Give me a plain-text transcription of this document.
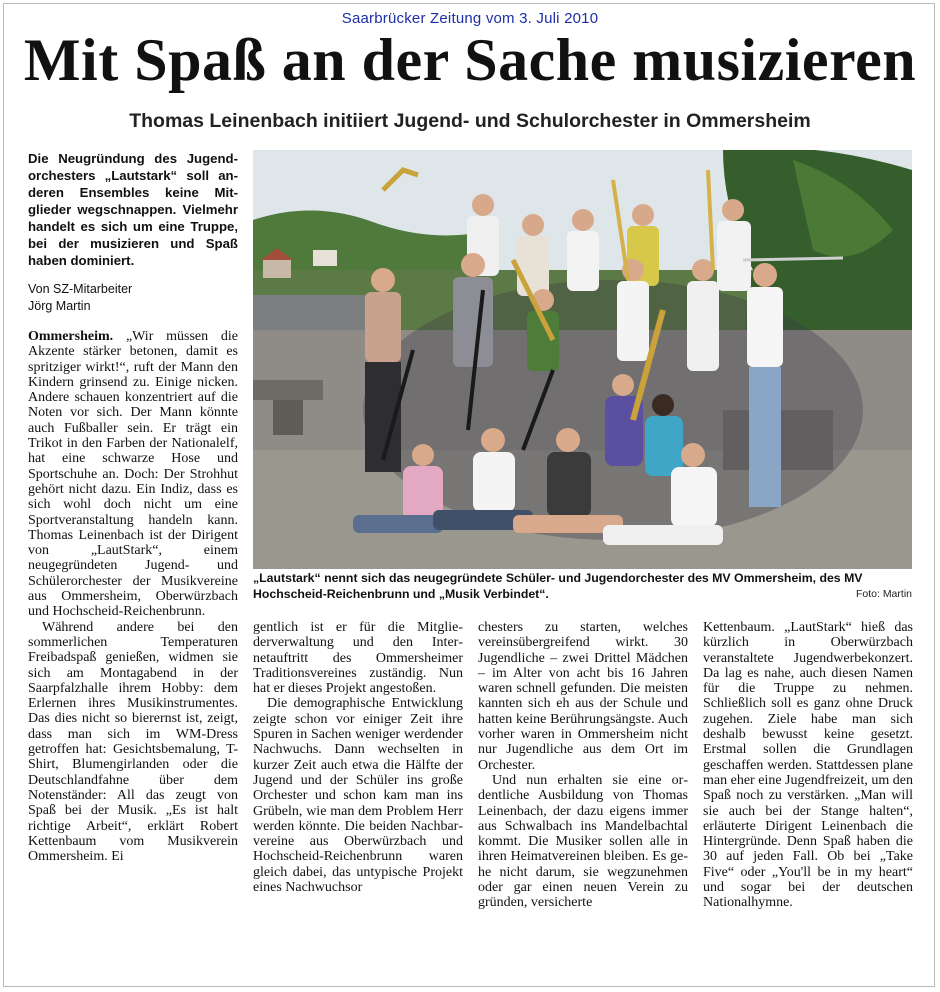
Saarbrücker Zeitung vom 3. Juli 2010
Mit Spaß an der Sache musizieren
Thomas Leinenbach initiiert Jugend- und Schulorchester in Ommersheim
Die Neugründung des Jugendorchesters „Lautstark“ soll anderen Ensembles keine Mitglieder wegschnappen. Vielmehr handelt es sich um eine Truppe, bei der musizieren und Spaß haben dominiert.
Von SZ-Mitarbeiter
Jörg Martin

Ommersheim. „Wir müssen die Akzente stärker betonen, damit es spritziger wirkt!“, ruft der Mann den Kindern grinsend zu. Einige nicken. Andere schauen konzentriert auf die Noten vor sich. Der Mann könnte auch Fußballer sein. Er trägt ein Trikot in den Farben der Nationalelf, hat eine schwarze Hose und Sportschuhe an. Doch: Der Strohhut gehört nicht dazu. Ein Indiz, dass es sich wohl doch nicht um eine Sportveranstaltung handeln kann. Thomas Leinenbach ist der Dirigent von „LautStark“, einem neugegründeten Jugend- und Schülerorchester der Musikvereine aus Ommersheim, Oberwürzbach und Hochscheid-Reichenbrunn.

Während andere bei den sommerlichen Temperaturen Freibadspaß genießen, widmen sie sich am Montagabend in der Saarpfalzhalle ihrem Hobby: dem Erlernen ihres Musikinstrumentes. Das dies nicht so bierernst ist, zeigt, dass man sich im WM-Dress getroffen hat: Gesichtsbemalung, T-Shirt, Blumengirlanden oder die Deutschlandfahne über dem Notenständer: All das zeugt von Spaß bei der Musik. „Es ist halt richtige Arbeit“, erklärt Robert Kettenbaum vom Musikverein Ommersheim. Ei

„Lautstark“ nennt sich das neugegründete Schüler- und Jugendorchester des MV Ommersheim, des MV Hochscheid-Reichenbrunn und „Musik Verbindet“.	Foto: Martin

gentlich ist er für die Mitgliederverwaltung und den Internetauftritt des Ommersheimer Traditionsvereines zuständig. Nun hat er dieses Projekt angestoßen.

Die demographische Entwicklung zeigte schon vor einiger Zeit ihre Spuren in Sachen weniger werdender Nachwuchs. Dann wechselten in kurzer Zeit auch etwa die Hälfte der Jugend und der Schüler ins große Orchester und schon kam man ins Grübeln, wie man dem Problem Herr werden könnte. Die beiden Nachbarvereine aus Oberwürzbach und Hochscheid-Reichenbrunn waren gleich dabei, das untypische Projekt eines Nachwuchsor

chesters zu starten, welches vereinsübergreifend wirkt. 30 Jugendliche – zwei Drittel Mädchen – im Alter von acht bis 16 Jahren waren schnell gefunden. Die meisten kannten sich eh aus der Schule und hatten keine Berührungsängste. Auch vorher waren in Ommersheim nicht nur Jugendliche aus dem Ort im Orchester.

Und nun erhalten sie eine ordentliche Ausbildung von Thomas Leinenbach, der dazu eigens immer aus Schwalbach ins Mandelbachtal kommt. Die Musiker sollen alle in ihren Heimatvereinen bleiben. Es gehe nicht darum, sie wegzunehmen oder gar einen neuen Verein zu gründen, versicherte

Kettenbaum. „LautStark“ hieß das kürzlich in Oberwürzbach veranstaltete Jugendwerbekonzert. Da lag es nahe, auch diesen Namen für die Truppe zu nehmen. Schließlich soll es ganz ohne Druck zugehen. Ziele habe man sich deshalb bewusst keine gesetzt. Erstmal sollen die Grundlagen geschaffen werden. Stattdessen plane man eher eine Jugendfreizeit, um den Spaß noch zu verstärken. „Man will sie auch bei der Stange halten“, erläuterte Dirigent Leinenbach die Hintergründe. Denn Spaß haben die 30 auf jeden Fall. Ob bei „Take Five“ oder „You'll be in my heart“ und sogar bei der deutschen Nationalhymne.
